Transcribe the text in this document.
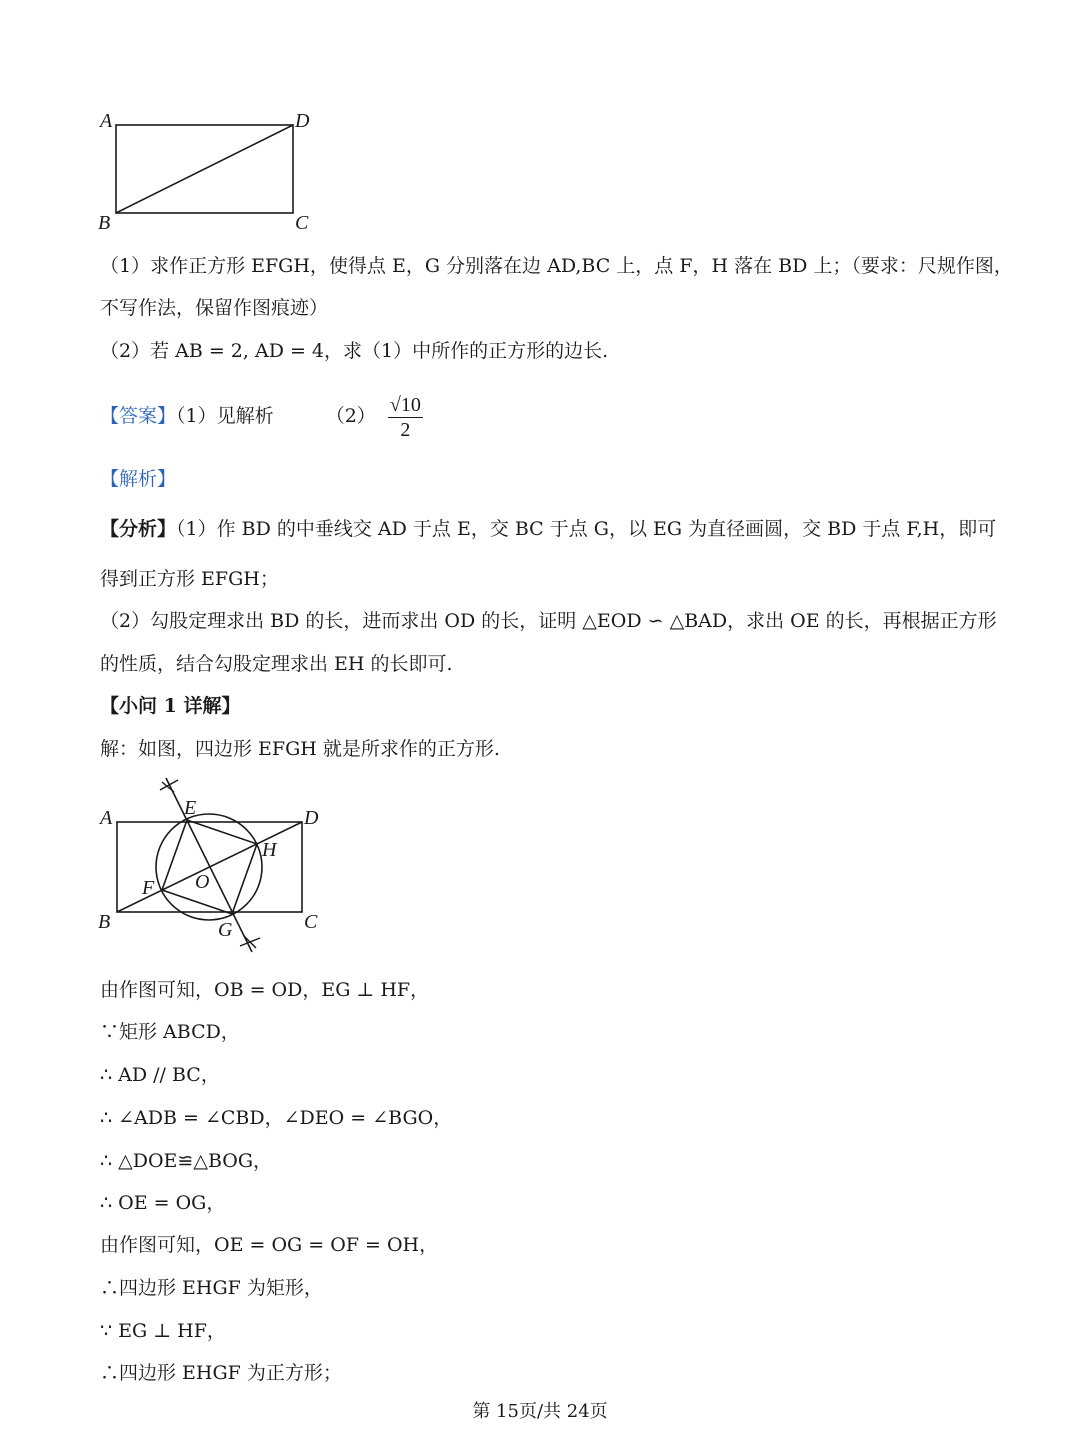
A	D
B	C
（1）求作正方形 EFGH，使得点 E，G 分别落在边 AD,BC 上，点 F，H 落在 BD 上；（要求：尺规作图，
不写作法，保留作图痕迹）
（2）若 AB = 2, AD = 4，求（1）中所作的正方形的边长.
【答案】（1）见解析	$(2) \frac{√10}{2}$
【解析】
【分析】（1）作 BD 的中垂线交 AD 于点 E，交 BC 于点 G，以 EG 为直径画圆，交 BD 于点 F,H，即可
得到正方形 EFGH；
（2）勾股定理求出 BD 的长，进而求出 OD 的长，证明 △EOD ∽ △BAD，求出 OE 的长，再根据正方形
的性质，结合勾股定理求出 EH 的长即可.
【小问 1 详解】
解：如图，四边形 EFGH 就是所求作的正方形.
A	E	D
H
O
F
B	G	C
由作图可知，OB = OD，EG ⊥ HF，
∵矩形 ABCD，
∴ AD // BC，
∴ ∠ADB = ∠CBD，∠DEO = ∠BGO，
∴ △DOE≌△BOG，
∴ OE = OG，
由作图可知，OE = OG = OF = OH，
∴四边形 EHGF 为矩形，
∵ EG ⊥ HF，
∴四边形 EHGF 为正方形；
第 15页/共 24页
